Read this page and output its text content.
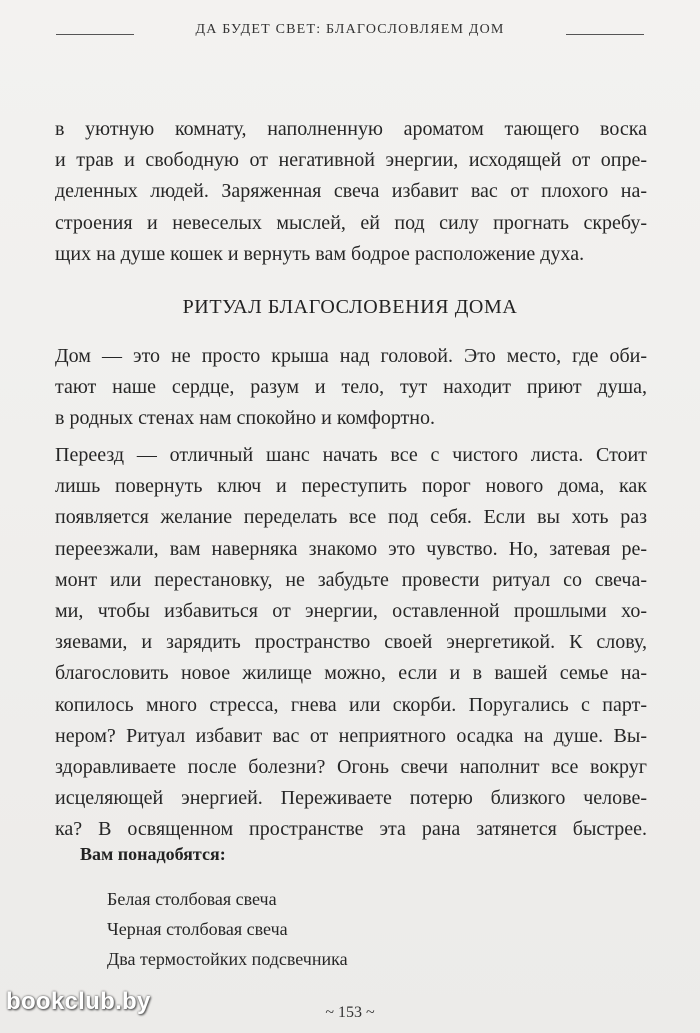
ДА БУДЕТ СВЕТ: БЛАГОСЛОВЛЯЕМ ДОМ
в уютную комнату, наполненную ароматом тающего воска
и трав и свободную от негативной энергии, исходящей от опре-
деленных людей. Заряженная свеча избавит вас от плохого на-
строения и невеселых мыслей, ей под силу прогнать скребу-
щих на душе кошек и вернуть вам бодрое расположение духа.
РИТУАЛ БЛАГОСЛОВЕНИЯ ДОМА
Дом — это не просто крыша над головой. Это место, где оби-
тают наше сердце, разум и тело, тут находит приют душа,
в родных стенах нам спокойно и комфортно.
Переезд — отличный шанс начать все с чистого листа. Стоит
лишь повернуть ключ и переступить порог нового дома, как
появляется желание переделать все под себя. Если вы хоть раз
переезжали, вам наверняка знакомо это чувство. Но, затевая ре-
монт или перестановку, не забудьте провести ритуал со свеча-
ми, чтобы избавиться от энергии, оставленной прошлыми хо-
зяевами, и зарядить пространство своей энергетикой. К слову,
благословить новое жилище можно, если и в вашей семье на-
копилось много стресса, гнева или скорби. Поругались с парт-
нером? Ритуал избавит вас от неприятного осадка на душе. Вы-
здоравливаете после болезни? Огонь свечи наполнит все вокруг
исцеляющей энергией. Переживаете потерю близкого челове-
ка? В освященном пространстве эта рана затянется быстрее.
Вам понадобятся:
Белая столбовая свеча
Черная столбовая свеча
Два термостойких подсвечника
~ 153 ~
bookclub.by
